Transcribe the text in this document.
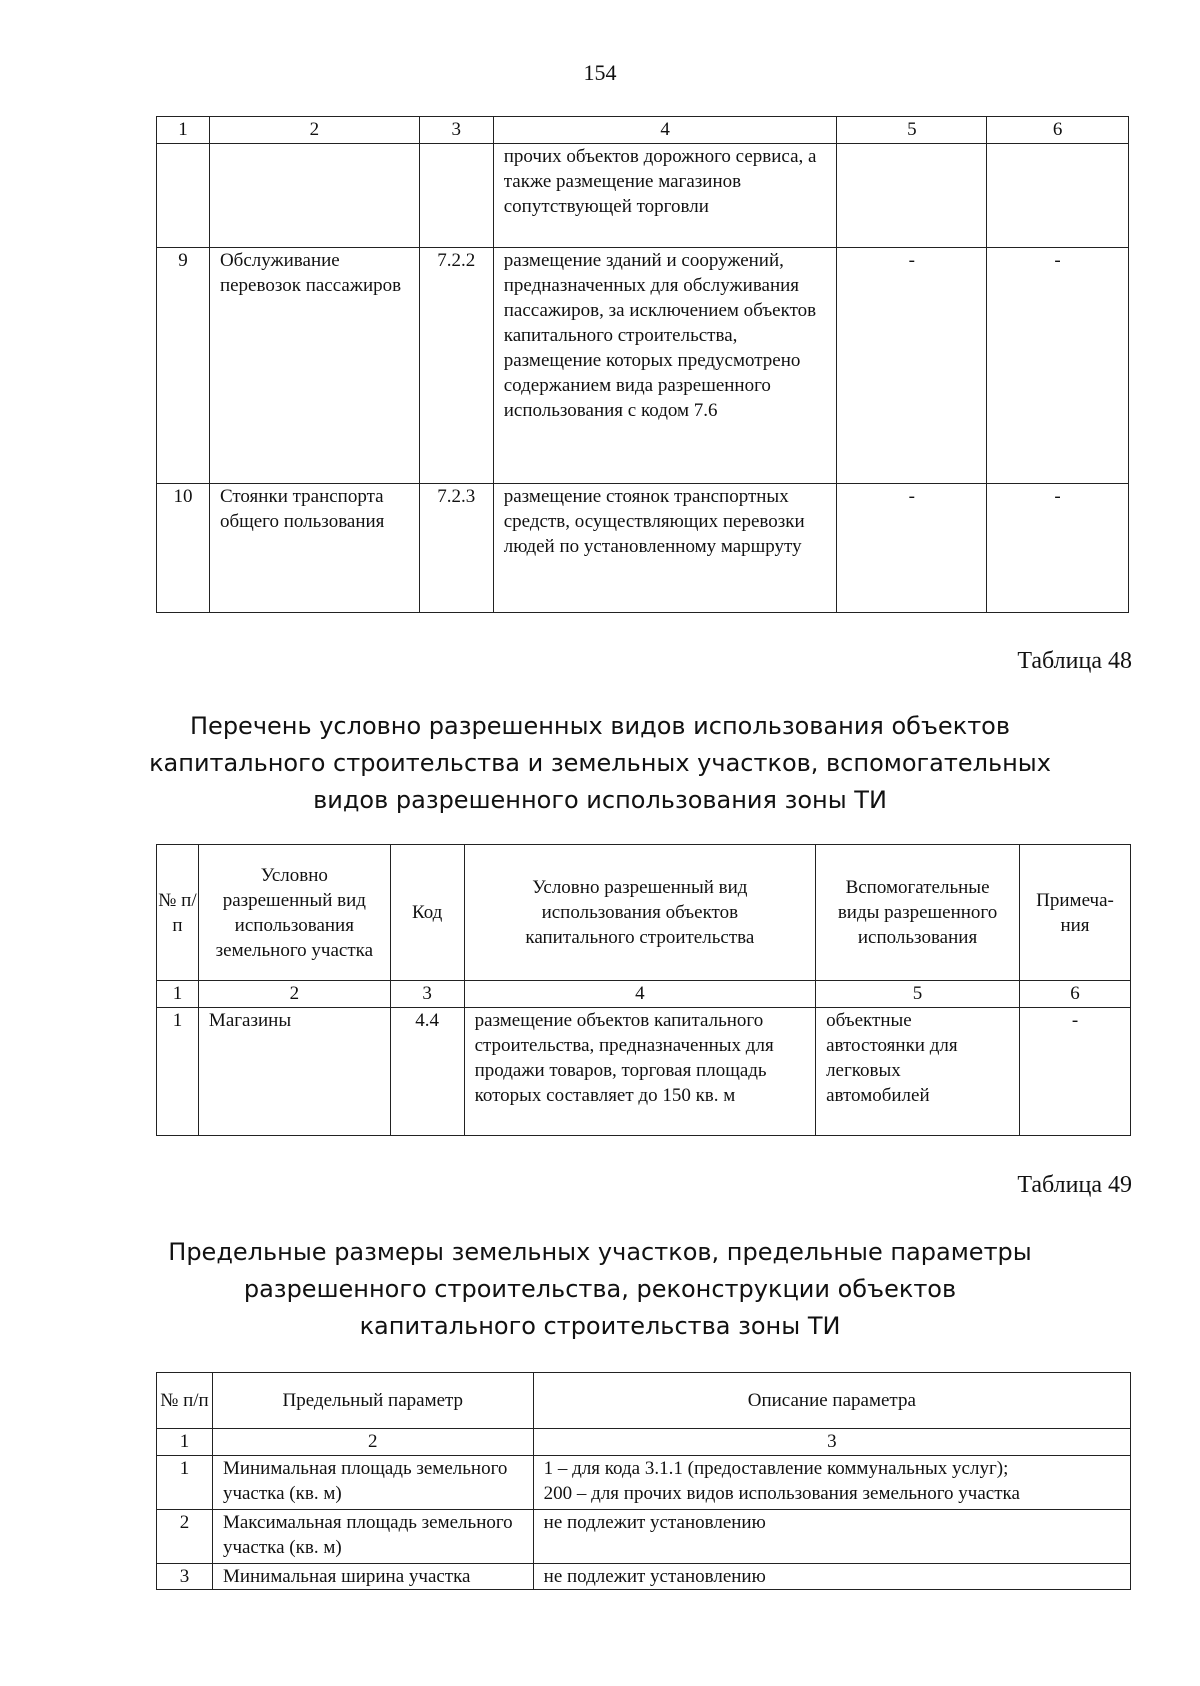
154
1	2	3	4	5	6
			прочих объектов дорожного сервиса, а также размещение магазинов сопутствующей торговли		
9	Обслуживание перевозок пассажиров	7.2.2	размещение зданий и сооружений, предназначенных для обслуживания пассажиров, за исключением объектов капитального строительства, размещение которых предусмотрено содержанием вида разрешенного использования с кодом 7.6	-	-
10	Стоянки транспорта общего пользования	7.2.3	размещение стоянок транспортных средств, осуществляющих перевозки людей по установленному маршруту	-	-
Таблица 48
Перечень условно разрешенных видов использования объектов
капитального строительства и земельных участков, вспомогательных
видов разрешенного использования зоны ТИ
№ п/п	Условно разрешенный вид использования земельного участка	Код	Условно разрешенный вид использования объектов капитального строительства	Вспомогательные виды разрешенного использования	Примеча-ния
1	2	3	4	5	6
1	Магазины	4.4	размещение объектов капитального строительства, предназначенных для продажи товаров, торговая площадь которых составляет до 150 кв. м	объектные автостоянки для легковых автомобилей	-
Таблица 49
Предельные размеры земельных участков, предельные параметры
разрешенного строительства, реконструкции объектов
капитального строительства зоны ТИ
№ п/п	Предельный параметр	Описание параметра
1	2	3
1	Минимальная площадь земельного участка (кв. м)	1 – для кода 3.1.1 (предоставление коммунальных услуг);
200 – для прочих видов использования земельного участка

2	Максимальная площадь земельного участка (кв. м)	не подлежит установлению

3	Минимальная ширина участка	не подлежит установлению
